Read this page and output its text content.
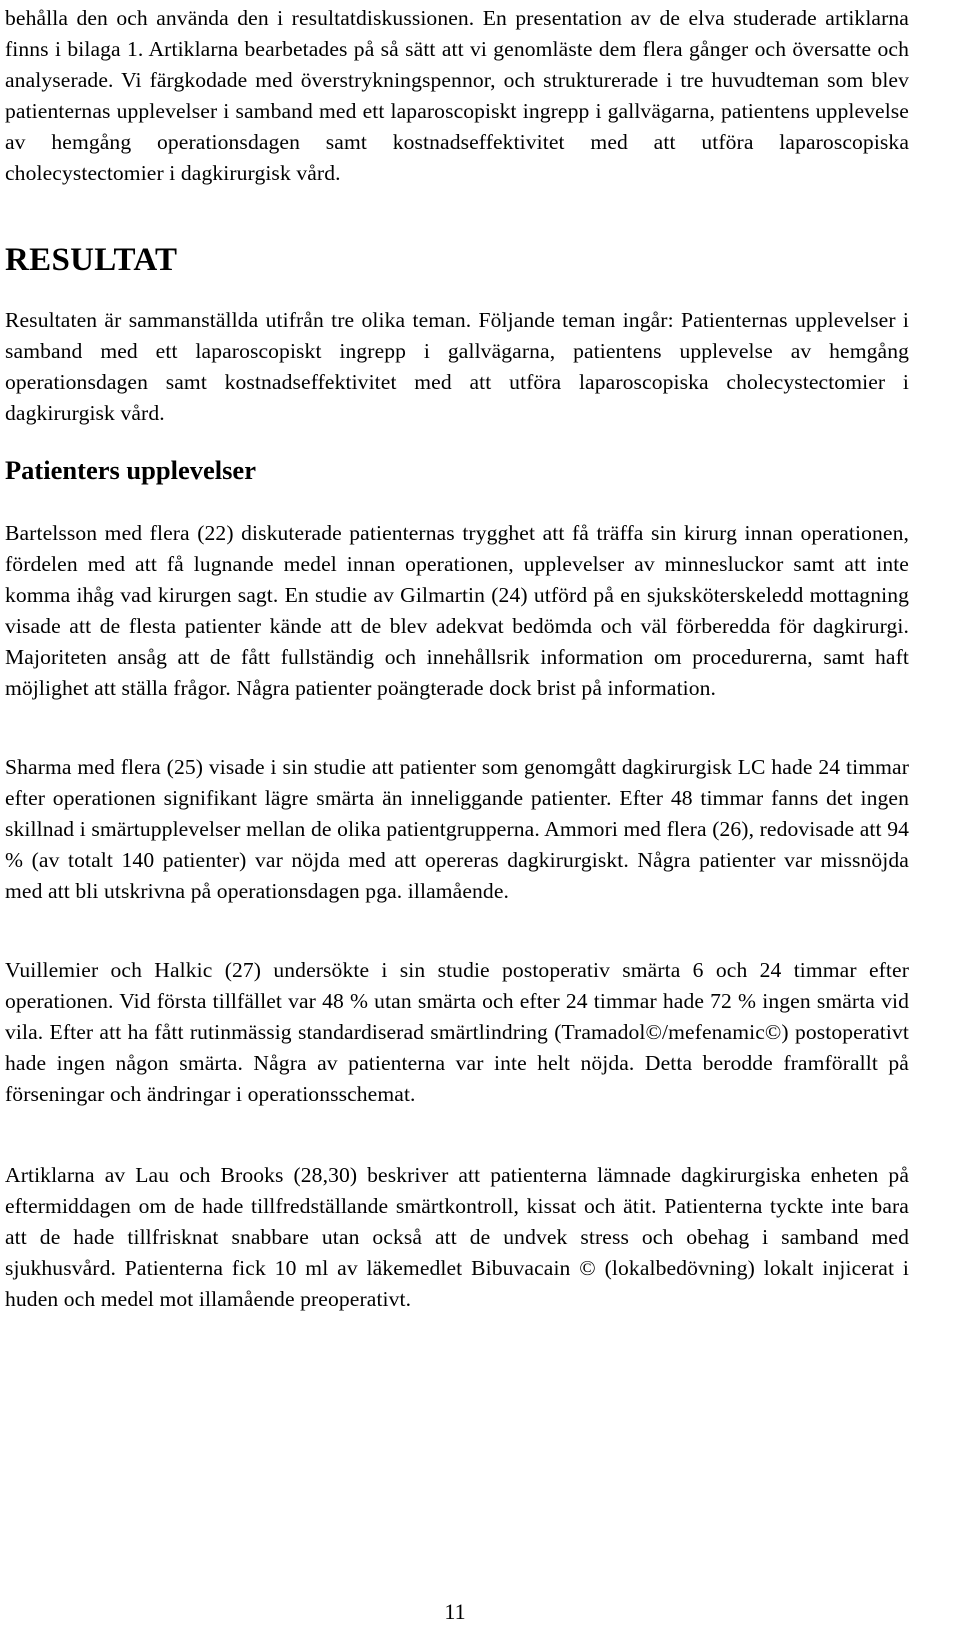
behålla den och använda den i resultatdiskussionen. En presentation av de elva studerade artiklarna finns i bilaga 1. Artiklarna bearbetades på så sätt att vi genomläste dem flera gånger och översatte och analyserade. Vi färgkodade med överstrykningspennor, och strukturerade i tre huvudteman som blev patienternas upplevelser i samband med ett laparoscopiskt ingrepp i gallvägarna, patientens upplevelse av hemgång operationsdagen samt kostnadseffektivitet med att utföra laparoscopiska cholecystectomier i dagkirurgisk vård.

RESULTAT

Resultaten är sammanställda utifrån tre olika teman. Följande teman ingår: Patienternas upplevelser i samband med ett laparoscopiskt ingrepp i gallvägarna, patientens upplevelse av hemgång operationsdagen samt kostnadseffektivitet med att utföra laparoscopiska cholecystectomier i dagkirurgisk vård.

Patienters upplevelser

Bartelsson med flera (22) diskuterade patienternas trygghet att få träffa sin kirurg innan operationen, fördelen med att få lugnande medel innan operationen, upplevelser av minnesluckor samt att inte komma ihåg vad kirurgen sagt. En studie av Gilmartin (24) utförd på en sjuksköterskeledd mottagning visade att de flesta patienter kände att de blev adekvat bedömda och väl förberedda för dagkirurgi. Majoriteten ansåg att de fått fullständig och innehållsrik information om procedurerna, samt haft möjlighet att ställa frågor. Några patienter poängterade dock brist på information.

Sharma med flera (25) visade i sin studie att patienter som genomgått dagkirurgisk LC hade 24 timmar efter operationen signifikant lägre smärta än inneliggande patienter. Efter 48 timmar fanns det ingen skillnad i smärtupplevelser mellan de olika patientgrupperna. Ammori med flera (26), redovisade att 94 % (av totalt 140 patienter) var nöjda med att opereras dagkirurgiskt. Några patienter var missnöjda med att bli utskrivna på operationsdagen pga. illamående.

Vuillemier och Halkic (27) undersökte i sin studie postoperativ smärta 6 och 24 timmar efter operationen. Vid första tillfället var 48 % utan smärta och efter 24 timmar hade 72 % ingen smärta vid vila. Efter att ha fått rutinmässig standardiserad smärtlindring (Tramadol©/mefenamic©) postoperativt hade ingen någon smärta. Några av patienterna var inte helt nöjda. Detta berodde framförallt på förseningar och ändringar i operationsschemat.

Artiklarna av Lau och Brooks (28,30) beskriver att patienterna lämnade dagkirurgiska enheten på eftermiddagen om de hade tillfredställande smärtkontroll, kissat och ätit. Patienterna tyckte inte bara att de hade tillfrisknat snabbare utan också att de undvek stress och obehag i samband med sjukhusvård. Patienterna fick 10 ml av läkemedlet Bibuvacain © (lokalbedövning) lokalt injicerat i huden och medel mot illamående preoperativt.

11
